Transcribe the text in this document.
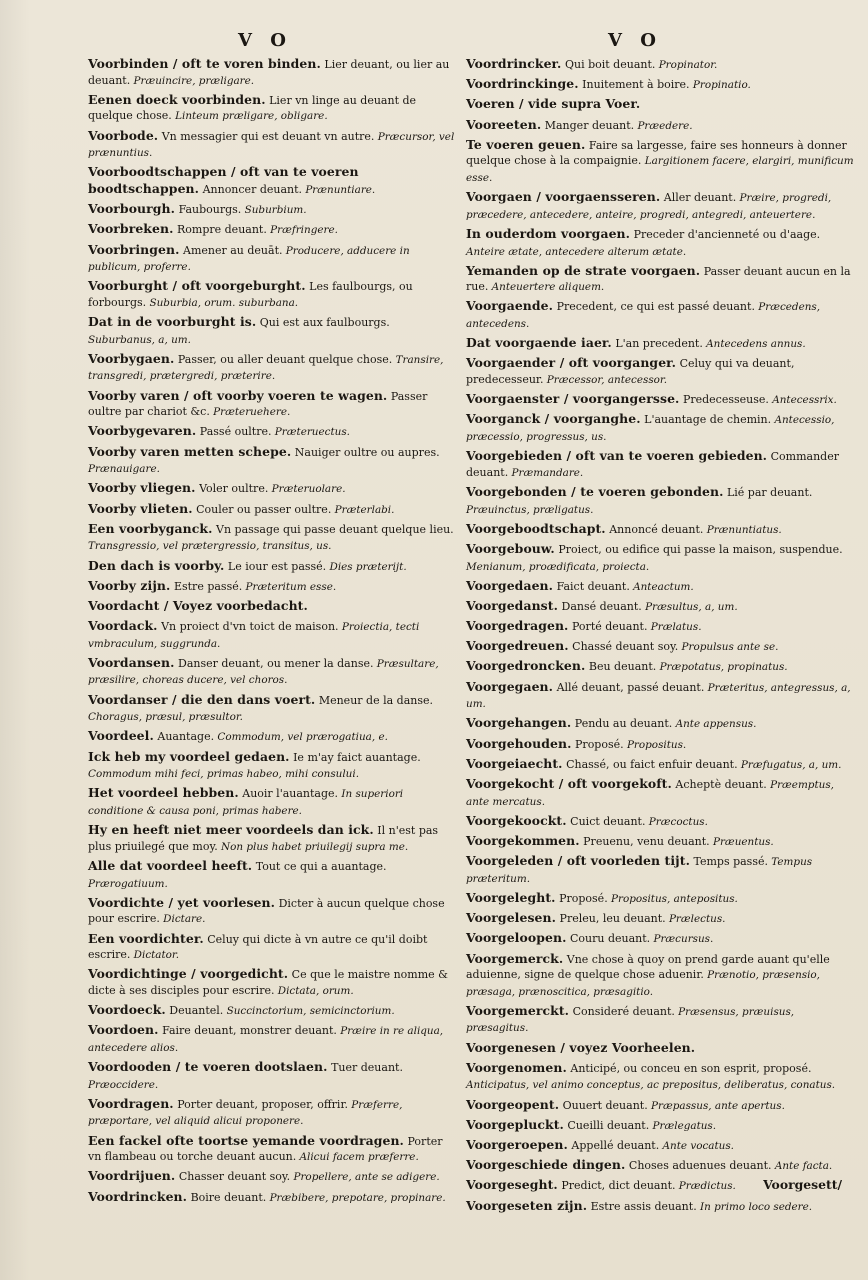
V O	V O
Voorbinden / oft te voren binden. Lier deuant, ou lier au deuant. Præuincire, præligare.
Eenen doeck voorbinden. Lier vn linge au deuant de quelque chose. Linteum præligare, obligare.
Voorbode. Vn messagier qui est deuant vn autre. Præcursor, vel prænuntius.
Voorboodtschappen / oft van te voeren boodtschappen. Annoncer deuant. Prænuntiare.
Voorbourgh. Faubourgs. Suburbium.
Voorbreken. Rompre deuant. Præfringere.
Voorbringen. Amener au deuāt. Producere, adducere in publicum, proferre.
Voorburght / oft voorgeburght. Les faulbourgs, ou forbourgs. Suburbia, orum. suburbana.
Dat in de voorburght is. Qui est aux faulbourgs. Suburbanus, a, um.
Voorbygaen. Passer, ou aller deuant quelque chose. Transire, transgredi, prætergredi, præterire.
Voorby varen / oft voorby voeren te wagen. Passer oultre par chariot &c. Præteruehere.
Voorbygevaren. Passé oultre. Præteruectus.
Voorby varen metten schepe. Nauiger oultre ou aupres. Prænauigare.
Voorby vliegen. Voler oultre. Præteruolare.
Voorby vlieten. Couler ou passer oultre. Præterlabi.
Een voorbyganck. Vn passage qui passe deuant quelque lieu. Transgressio, vel prætergressio, transitus, us.
Den dach is voorby. Le iour est passé. Dies præterijt.
Voorby zijn. Estre passé. Præteritum esse.
Voordacht / Voyez voorbedacht.
Voordack. Vn proiect d'vn toict de maison. Proiectia, tecti vmbraculum, suggrunda.
Voordansen. Danser deuant, ou mener la danse. Præsultare, præsilire, choreas ducere, vel choros.
Voordanser / die den dans voert. Meneur de la danse. Choragus, præsul, præsultor.
Voordeel. Auantage. Commodum, vel prærogatiua, e.
Ick heb my voordeel gedaen. Ie m'ay faict auantage. Commodum mihi feci, primas habeo, mihi consului.
Het voordeel hebben. Auoir l'auantage. In superiori conditione & causa poni, primas habere.
Hy en heeft niet meer voordeels dan ick. Il n'est pas plus priuilegé que moy. Non plus habet priuilegij supra me.
Alle dat voordeel heeft. Tout ce qui a auantage. Prærogatiuum.
Voordichte / yet voorlesen. Dicter à aucun quelque chose pour escrire. Dictare.
Een voordichter. Celuy qui dicte à vn autre ce qu'il doibt escrire. Dictator.
Voordichtinge / voorgedicht. Ce que le maistre nomme & dicte à ses disciples pour escrire. Dictata, orum.
Voordoeck. Deuantel. Succinctorium, semicinctorium.
Voordoen. Faire deuant, monstrer deuant. Præire in re aliqua, antecedere alios.
Voordooden / te voeren dootslaen. Tuer deuant. Præoccidere.
Voordragen. Porter deuant, proposer, offrir. Præferre, præportare, vel aliquid alicui proponere.
Een fackel ofte toortse yemande voordragen. Porter vn flambeau ou torche deuant aucun. Alicui facem præferre.
Voordrijuen. Chasser deuant soy. Propellere, ante se adigere.
Voordrincken. Boire deuant. Præbibere, prepotare, propinare.
Voordrincker. Qui boit deuant. Propinator.
Voordrinckinge. Inuitement à boire. Propinatio.
Voeren / vide supra Voer.
Vooreeten. Manger deuant. Præedere.
Te voeren geuen. Faire sa largesse, faire ses honneurs à donner quelque chose à la compaignie. Largitionem facere, elargiri, munificum esse.
Voorgaen / voorgaensseren. Aller deuant. Præire, progredi, præcedere, antecedere, anteire, progredi, antegredi, anteuertere.
In ouderdom voorgaen. Preceder d'ancienneté ou d'aage. Anteire ætate, antecedere alterum ætate.
Yemanden op de strate voorgaen. Passer deuant aucun en la rue. Anteuertere aliquem.
Voorgaende. Precedent, ce qui est passé deuant. Præcedens, antecedens.
Dat voorgaende iaer. L'an precedent. Antecedens annus.
Voorgaender / oft voorganger. Celuy qui va deuant, predecesseur. Præcessor, antecessor.
Voorgaenster / voorgangersse. Predecesseuse. Antecessrix.
Voorganck / voorganghe. L'auantage de chemin. Antecessio, præcessio, progressus, us.
Voorgebieden / oft van te voeren gebieden. Commander deuant. Præmandare.
Voorgebonden / te voeren gebonden. Lié par deuant. Præuinctus, præligatus.
Voorgeboodtschapt. Annoncé deuant. Prænuntiatus.
Voorgebouw. Proiect, ou edifice qui passe la maison, suspendue. Menianum, proædificata, proiecta.
Voorgedaen. Faict deuant. Anteactum.
Voorgedanst. Dansé deuant. Præsultus, a, um.
Voorgedragen. Porté deuant. Prælatus.
Voorgedreuen. Chassé deuant soy. Propulsus ante se.
Voorgedroncken. Beu deuant. Præpotatus, propinatus.
Voorgegaen. Allé deuant, passé deuant. Præteritus, antegressus, a, um.
Voorgehangen. Pendu au deuant. Ante appensus.
Voorgehouden. Proposé. Propositus.
Voorgeiaecht. Chassé, ou faict enfuir deuant. Præfugatus, a, um.
Voorgekocht / oft voorgekoft. Acheptè deuant. Præemptus, ante mercatus.
Voorgekoockt. Cuict deuant. Præcoctus.
Voorgekommen. Preuenu, venu deuant. Præuentus.
Voorgeleden / oft voorleden tijt. Temps passé. Tempus præteritum.
Voorgeleght. Proposé. Propositus, antepositus.
Voorgelesen. Preleu, leu deuant. Prælectus.
Voorgeloopen. Couru deuant. Præcursus.
Voorgemerck. Vne chose à quoy on prend garde auant qu'elle aduienne, signe de quelque chose aduenir. Prænotio, præsensio, præsaga, prænoscitica, præsagitio.
Voorgemerckt. Consideré deuant. Præsensus, præuisus, præsagitus.
Voorgenesen / voyez Voorheelen.
Voorgenomen. Anticipé, ou conceu en son esprit, proposé. Anticipatus, vel animo conceptus, ac prepositus, deliberatus, conatus.
Voorgeopent. Ouuert deuant. Præpassus, ante apertus.
Voorgepluckt. Cueilli deuant. Prælegatus.
Voorgeroepen. Appellé deuant. Ante vocatus.
Voorgeschiede dingen. Choses aduenues deuant. Ante facta.
Voorgeseght. Predict, dict deuant. Prædictus.
Voorgeseten zijn. Estre assis deuant. In primo loco sedere.
Voorgesett/
